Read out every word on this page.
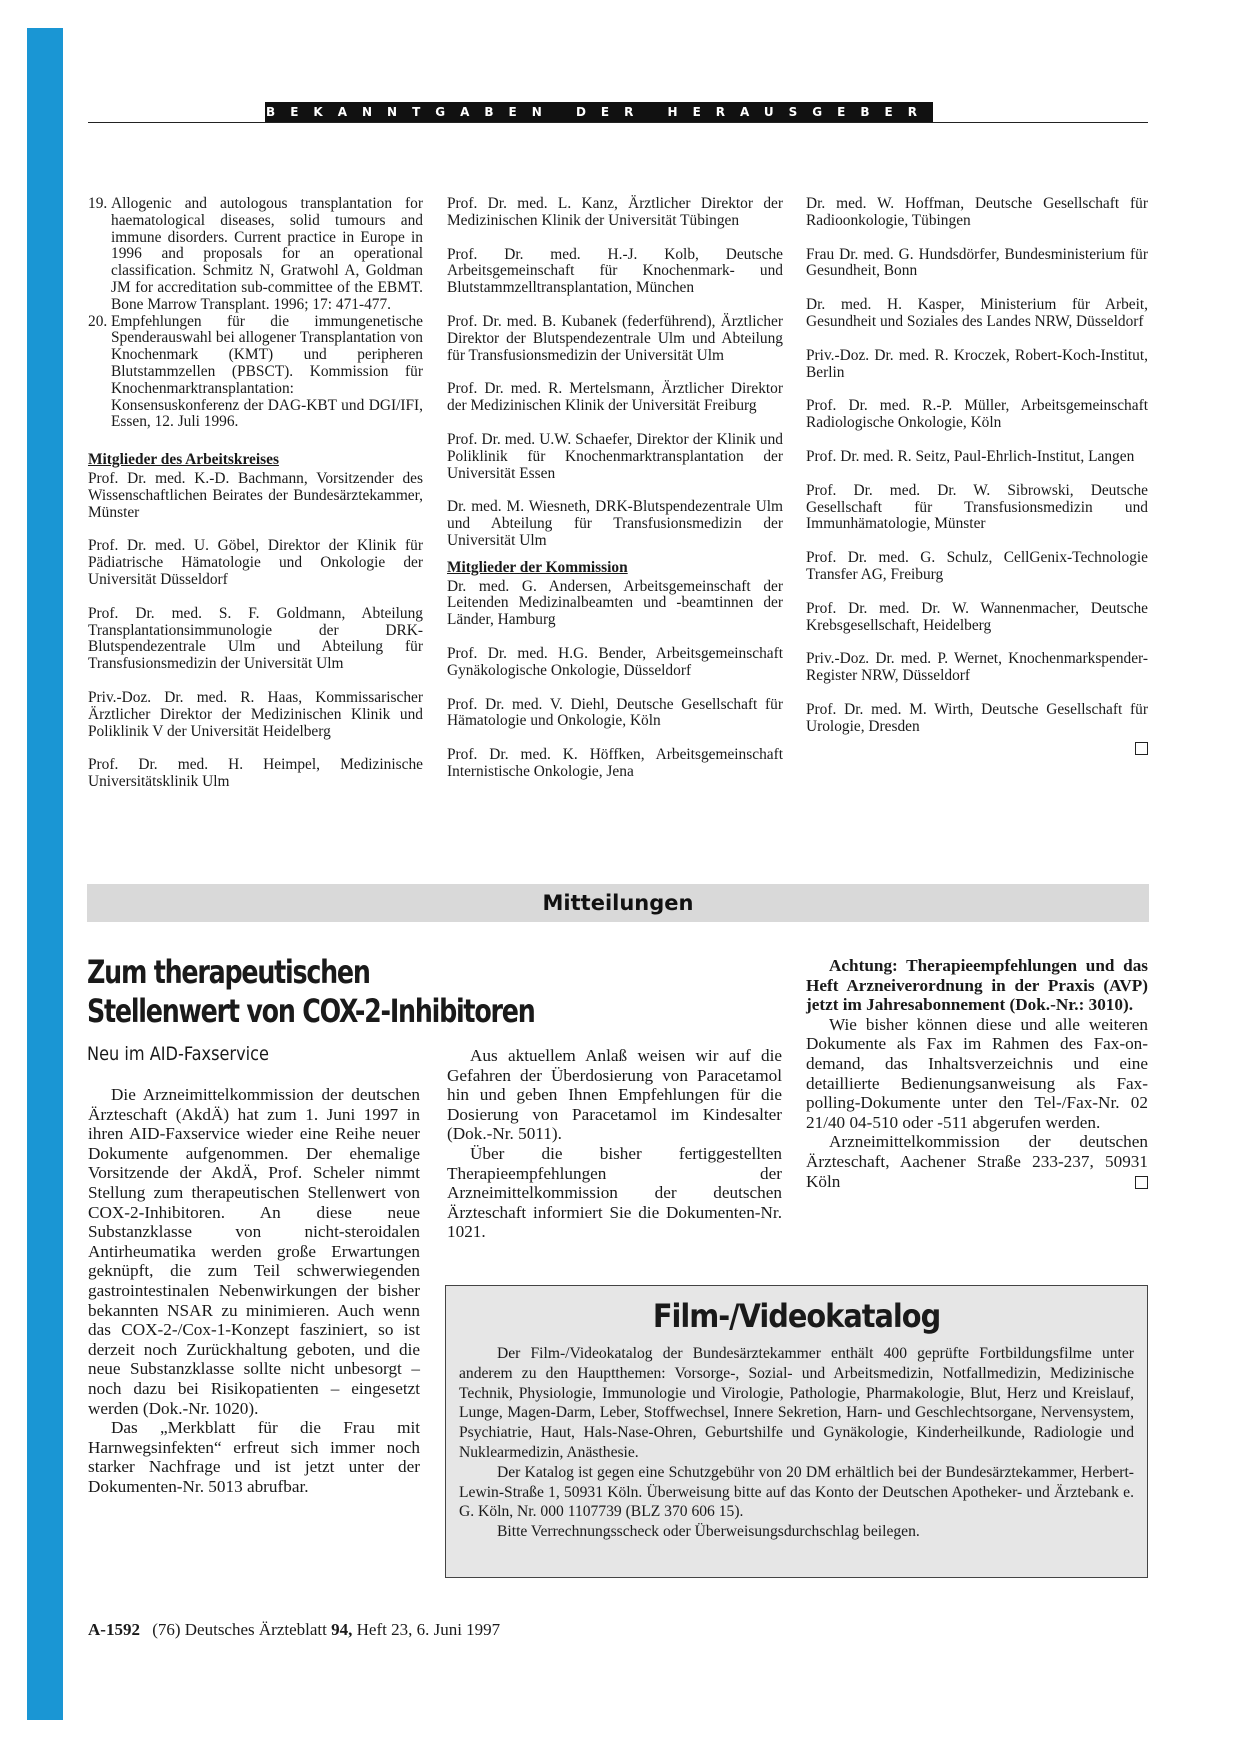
BEKANNTGABEN DER HERAUSGEBER
19. Allogenic and autologous transplantation for haematological diseases, solid tumours and immune disorders. Current practice in Europe in 1996 and proposals for an operational classification. Schmitz N, Gratwohl A, Goldman JM for accreditation sub-committee of the EBMT. Bone Marrow Transplant. 1996; 17: 471-477.
20. Empfehlungen für die immungenetische Spenderauswahl bei allogener Transplantation von Knochenmark (KMT) und peripheren Blutstammzellen (PBSCT). Kommission für Knochenmarktransplantation: Konsensuskonferenz der DAG-KBT und DGI/IFI, Essen, 12. Juli 1996.
Mitglieder des Arbeitskreises

Prof. Dr. med. K.-D. Bachmann, Vorsitzender des Wissenschaftlichen Beirates der Bundesärztekammer, Münster

Prof. Dr. med. U. Göbel, Direktor der Klinik für Pädiatrische Hämatologie und Onkologie der Universität Düsseldorf

Prof. Dr. med. S. F. Goldmann, Abteilung Transplantationsimmunologie der DRK-Blutspendezentrale Ulm und Abteilung für Transfusionsmedizin der Universität Ulm

Priv.-Doz. Dr. med. R. Haas, Kommissarischer Ärztlicher Direktor der Medizinischen Klinik und Poliklinik V der Universität Heidelberg

Prof. Dr. med. H. Heimpel, Medizinische Universitätsklinik Ulm

Prof. Dr. med. L. Kanz, Ärztlicher Direktor der Medizinischen Klinik der Universität Tübingen

Prof. Dr. med. H.-J. Kolb, Deutsche Arbeitsgemeinschaft für Knochenmark- und Blutstammzelltransplantation, München

Prof. Dr. med. B. Kubanek (federführend), Ärztlicher Direktor der Blutspendezentrale Ulm und Abteilung für Transfusionsmedizin der Universität Ulm

Prof. Dr. med. R. Mertelsmann, Ärztlicher Direktor der Medizinischen Klinik der Universität Freiburg

Prof. Dr. med. U.W. Schaefer, Direktor der Klinik und Poliklinik für Knochenmarktransplantation der Universität Essen

Dr. med. M. Wiesneth, DRK-Blutspendezentrale Ulm und Abteilung für Transfusionsmedizin der Universität Ulm

Mitglieder der Kommission

Dr. med. G. Andersen, Arbeitsgemeinschaft der Leitenden Medizinalbeamten und -beamtinnen der Länder, Hamburg

Prof. Dr. med. H.G. Bender, Arbeitsgemeinschaft Gynäkologische Onkologie, Düsseldorf

Prof. Dr. med. V. Diehl, Deutsche Gesellschaft für Hämatologie und Onkologie, Köln

Prof. Dr. med. K. Höffken, Arbeitsgemeinschaft Internistische Onkologie, Jena

Dr. med. W. Hoffman, Deutsche Gesellschaft für Radioonkologie, Tübingen

Frau Dr. med. G. Hundsdörfer, Bundesministerium für Gesundheit, Bonn

Dr. med. H. Kasper, Ministerium für Arbeit, Gesundheit und Soziales des Landes NRW, Düsseldorf

Priv.-Doz. Dr. med. R. Kroczek, Robert-Koch-Institut, Berlin

Prof. Dr. med. R.-P. Müller, Arbeitsgemeinschaft Radiologische Onkologie, Köln

Prof. Dr. med. R. Seitz, Paul-Ehrlich-Institut, Langen

Prof. Dr. med. Dr. W. Sibrowski, Deutsche Gesellschaft für Transfusionsmedizin und Immunhämatologie, Münster

Prof. Dr. med. G. Schulz, CellGenix-Technologie Transfer AG, Freiburg

Prof. Dr. med. Dr. W. Wannenmacher, Deutsche Krebsgesellschaft, Heidelberg

Priv.-Doz. Dr. med. P. Wernet, Knochenmarkspender-Register NRW, Düsseldorf

Prof. Dr. med. M. Wirth, Deutsche Gesellschaft für Urologie, Dresden

Mitteilungen
Zum therapeutischen
Stellenwert von COX-2-Inhibitoren
Neu im AID-Faxservice

Die Arzneimittelkommission der deutschen Ärzteschaft (AkdÄ) hat zum 1. Juni 1997 in ihren AID-Faxservice wieder eine Reihe neuer Dokumente aufgenommen. Der ehemalige Vorsitzende der AkdÄ, Prof. Scheler nimmt Stellung zum therapeutischen Stellenwert von COX-2-Inhibitoren. An diese neue Substanzklasse von nicht-steroidalen Antirheumatika werden große Erwartungen geknüpft, die zum Teil schwerwiegenden gastrointestinalen Nebenwirkungen der bisher bekannten NSAR zu minimieren. Auch wenn das COX-2-/Cox-1-Konzept fasziniert, so ist derzeit noch Zurückhaltung geboten, und die neue Substanzklasse sollte nicht unbesorgt – noch dazu bei Risikopatienten – eingesetzt werden (Dok.-Nr. 1020).

Das „Merkblatt für die Frau mit Harnwegsinfekten“ erfreut sich immer noch starker Nachfrage und ist jetzt unter der Dokumenten-Nr. 5013 abrufbar.

Aus aktuellem Anlaß weisen wir auf die Gefahren der Überdosierung von Paracetamol hin und geben Ihnen Empfehlungen für die Dosierung von Paracetamol im Kindesalter (Dok.-Nr. 5011).

Über die bisher fertiggestellten Therapieempfehlungen der Arzneimittelkommission der deutschen Ärzteschaft informiert Sie die Dokumenten-Nr. 1021.

Achtung: Therapieempfehlungen und das Heft Arzneiverordnung in der Praxis (AVP) jetzt im Jahresabonnement (Dok.-Nr.: 3010).

Wie bisher können diese und alle weiteren Dokumente als Fax im Rahmen des Fax-on-demand, das Inhaltsverzeichnis und eine detaillierte Bedienungsanweisung als Fax-polling-Dokumente unter den Tel-/Fax-Nr. 02 21/40 04-510 oder -511 abgerufen werden.

Arzneimittelkommission der deutschen Ärzteschaft, Aachener Straße 233-237, 50931 Köln

Film-/Videokatalog

Der Film-/Videokatalog der Bundesärztekammer enthält 400 geprüfte Fortbildungsfilme unter anderem zu den Hauptthemen: Vorsorge-, Sozial- und Arbeitsmedizin, Notfallmedizin, Medizinische Technik, Physiologie, Immunologie und Virologie, Pathologie, Pharmakologie, Blut, Herz und Kreislauf, Lunge, Magen-Darm, Leber, Stoffwechsel, Innere Sekretion, Harn- und Geschlechtsorgane, Nervensystem, Psychiatrie, Haut, Hals-Nase-Ohren, Geburtshilfe und Gynäkologie, Kinderheilkunde, Radiologie und Nuklearmedizin, Anästhesie.

Der Katalog ist gegen eine Schutzgebühr von 20 DM erhältlich bei der Bundesärztekammer, Herbert-Lewin-Straße 1, 50931 Köln. Überweisung bitte auf das Konto der Deutschen Apotheker- und Ärztebank e. G. Köln, Nr. 000 1107739 (BLZ 370 606 15).

Bitte Verrechnungsscheck oder Überweisungsdurchschlag beilegen.

A-1592 (76) Deutsches Ärzteblatt 94, Heft 23, 6. Juni 1997
